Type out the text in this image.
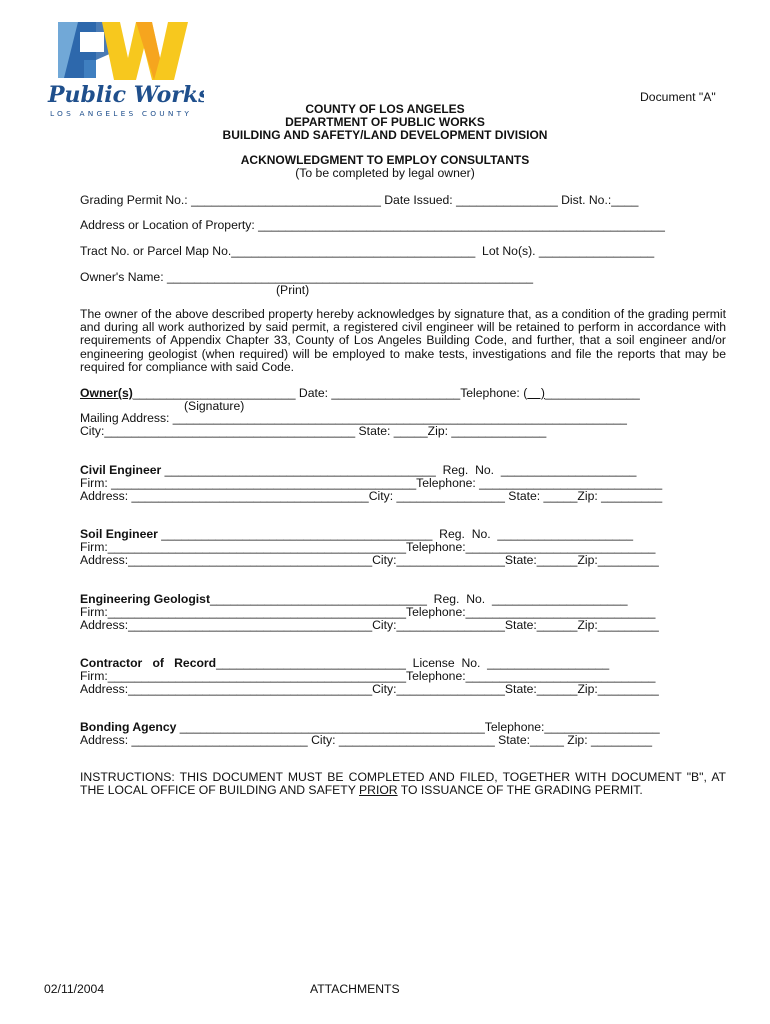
Public Works
LOS ANGELES COUNTY
Document "A"
COUNTY OF LOS ANGELES
DEPARTMENT OF PUBLIC WORKS
BUILDING AND SAFETY/LAND DEVELOPMENT DIVISION
ACKNOWLEDGMENT TO EMPLOY CONSULTANTS
(To be completed by legal owner)
Grading Permit No.: ____________________________ Date Issued: _______________ Dist. No.:____
Address or Location of Property: ____________________________________________________________
Tract No. or Parcel Map No.____________________________________  Lot No(s). _________________
Owner's Name: ______________________________________________________
(Print)
The owner of the above described property hereby acknowledges by signature that, as a condition of the grading permit and during all work authorized by said permit, a registered civil engineer will be retained to perform in accordance with requirements of Appendix Chapter 33, County of Los Angeles Building Code, and further, that a soil engineer and/or engineering geologist (when required) will be employed to make tests, investigations and file the reports that may be required for compliance with said Code.
Owner(s)________________________ Date: ___________________Telephone: (    )______________
(Signature)
Mailing Address: ___________________________________________________________________
City:_____________________________________ State: _____Zip: ______________
Civil Engineer ________________________________________  Reg.  No.  ____________________
Firm: _____________________________________________Telephone: ___________________________
Address: ___________________________________City: ________________ State: _____Zip: _________
Soil Engineer ________________________________________  Reg.  No.  ____________________
Firm:____________________________________________Telephone:____________________________
Address:____________________________________City:________________State:______Zip:_________
Engineering Geologist________________________________  Reg.  No.  ____________________
Firm:____________________________________________Telephone:____________________________
Address:____________________________________City:________________State:______Zip:_________
Contractor   of   Record____________________________  License  No.  __________________
Firm:____________________________________________Telephone:____________________________
Address:____________________________________City:________________State:______Zip:_________
Bonding Agency _____________________________________________Telephone:_________________
Address: __________________________ City: _______________________ State:_____ Zip: _________
INSTRUCTIONS: THIS DOCUMENT MUST BE COMPLETED AND FILED, TOGETHER WITH DOCUMENT "B", AT THE LOCAL OFFICE OF BUILDING AND SAFETY PRIOR TO ISSUANCE OF THE GRADING PERMIT.
02/11/2004	ATTACHMENTS
